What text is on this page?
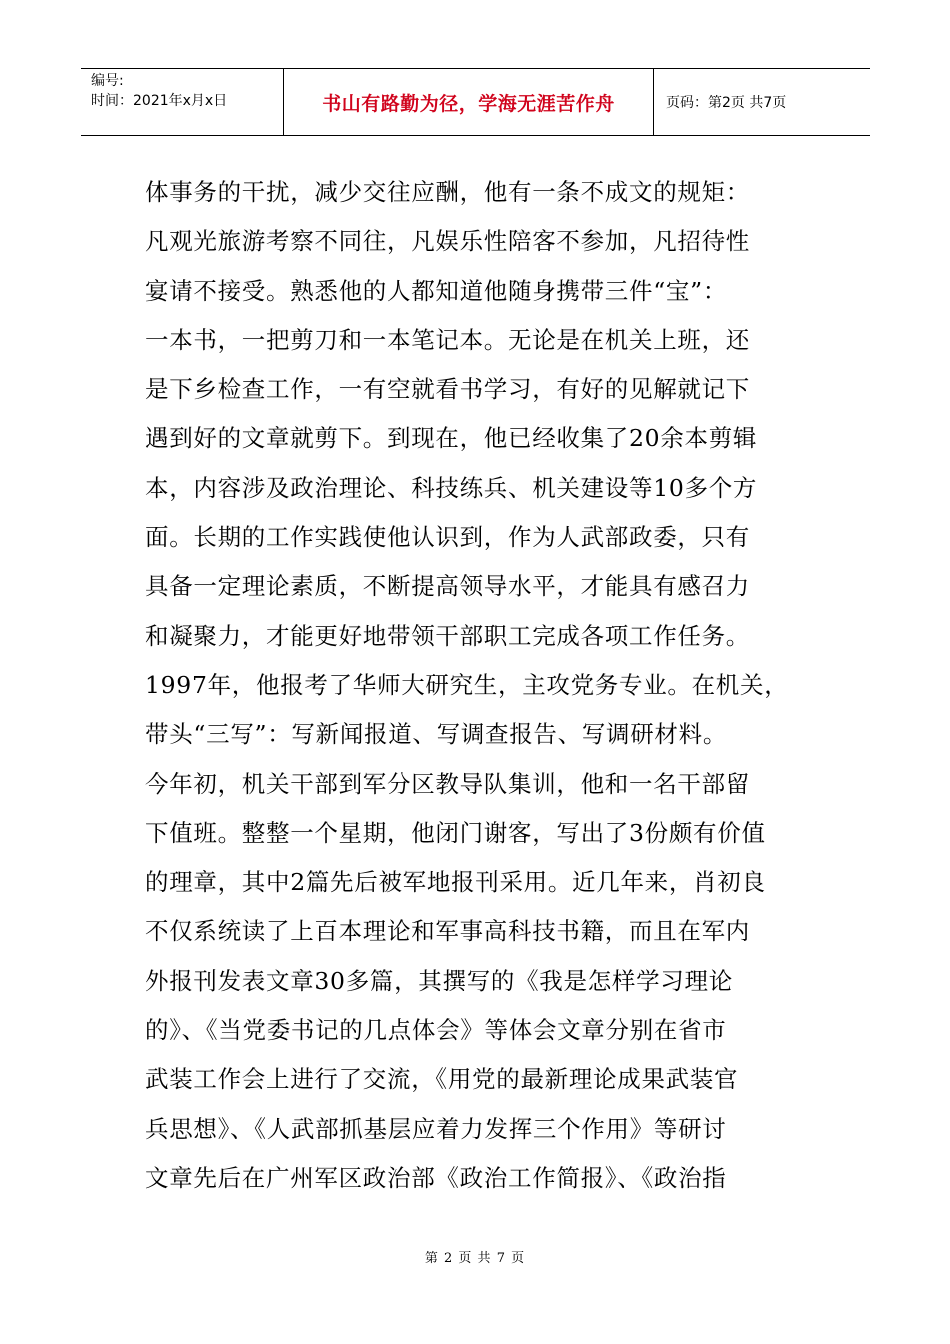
编号:
时间：2021年x月x日	书山有路勤为径，学海无涯苦作舟	页码：第2页 共7页
体事务的干扰，减少交往应酬，他有一条不成文的规矩：
凡观光旅游考察不同往，凡娱乐性陪客不参加，凡招待性
宴请不接受。熟悉他的人都知道他随身携带三件“宝”：
一本书，一把剪刀和一本笔记本。无论是在机关上班，还
是下乡检查工作，一有空就看书学习，有好的见解就记下
遇到好的文章就剪下。到现在，他已经收集了20余本剪辑
本，内容涉及政治理论、科技练兵、机关建设等10多个方
面。长期的工作实践使他认识到，作为人武部政委，只有
具备一定理论素质，不断提高领导水平，才能具有感召力
和凝聚力，才能更好地带领干部职工完成各项工作任务。
1997年，他报考了华师大研究生，主攻党务专业。在机关，
带头“三写”：写新闻报道、写调查报告、写调研材料。
今年初，机关干部到军分区教导队集训，他和一名干部留
下值班。整整一个星期，他闭门谢客，写出了3份颇有价值
的理章，其中2篇先后被军地报刊采用。近几年来，肖初良
不仅系统读了上百本理论和军事高科技书籍，而且在军内
外报刊发表文章30多篇，其撰写的《我是怎样学习理论
的》、《当党委书记的几点体会》等体会文章分别在省市
武装工作会上进行了交流，《用党的最新理论成果武装官
兵思想》、《人武部抓基层应着力发挥三个作用》等研讨
文章先后在广州军区政治部《政治工作简报》、《政治指
第 2 页 共 7 页
